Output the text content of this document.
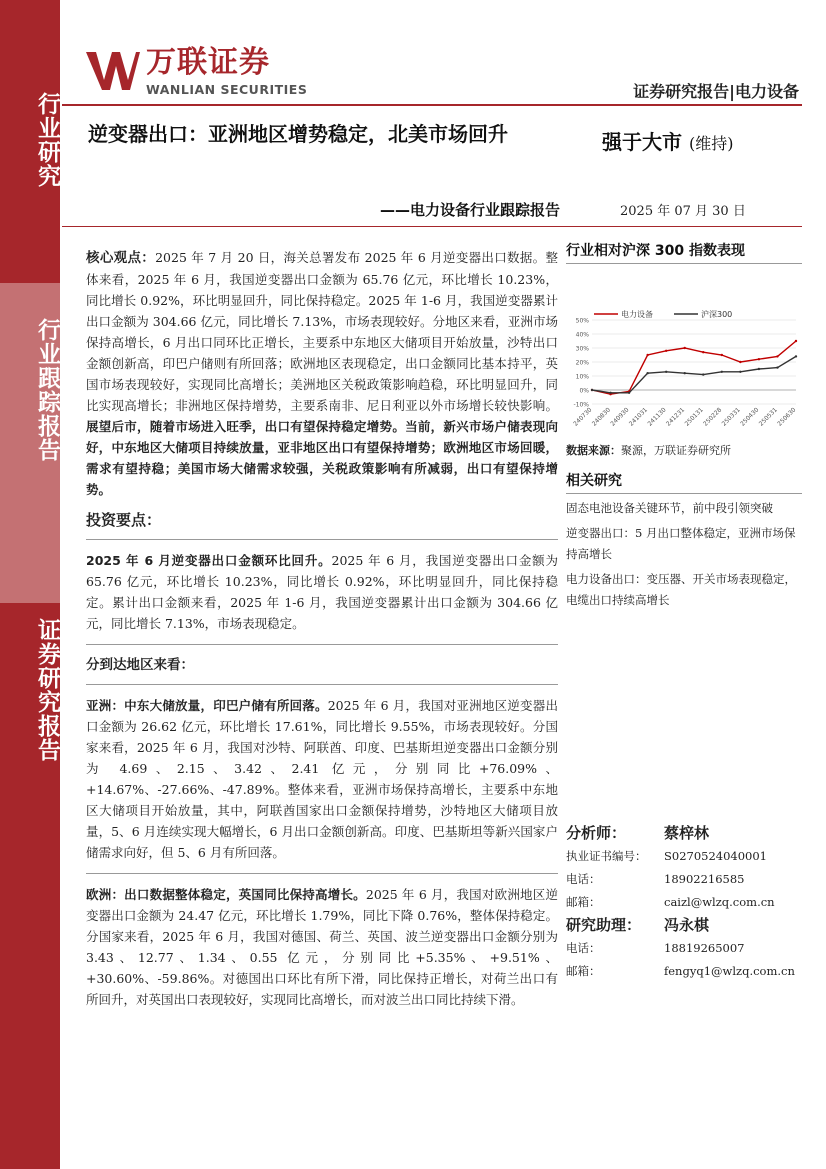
行业研究
行业跟踪报告
证券研究报告
万联证券
WANLIAN SECURITIES	证券研究报告|电力设备
逆变器出口：亚洲地区增势稳定，北美市场回升
——电力设备行业跟踪报告
强于大市 (维持)
2025 年 07 月 30 日

核心观点：2025 年 7 月 20 日，海关总署发布 2025 年 6 月逆变器出口数据。整体来看，2025 年 6 月，我国逆变器出口金额为 65.76 亿元，环比增长 10.23%，同比增长 0.92%，环比明显回升，同比保持稳定。2025 年 1-6 月，我国逆变器累计出口金额为 304.66 亿元，同比增长 7.13%，市场表现较好。分地区来看，亚洲市场保持高增长，6 月出口同环比正增长，主要系中东地区大储项目开始放量，沙特出口金额创新高，印巴户储则有所回落；欧洲地区表现稳定，出口金额同比基本持平，英国市场表现较好，实现同比高增长；美洲地区关税政策影响趋稳，环比明显回升，同比实现高增长；非洲地区保持增势，主要系南非、尼日利亚以外市场增长较快影响。展望后市，随着市场进入旺季，出口有望保持稳定增势。当前，新兴市场户储表现向好，中东地区大储项目持续放量，亚非地区出口有望保持增势；欧洲地区市场回暖，需求有望持稳；美国市场大储需求较强，关税政策影响有所减弱，出口有望保持增势。

投资要点：

2025 年 6 月逆变器出口金额环比回升。2025 年 6 月，我国逆变器出口金额为 65.76 亿元，环比增长 10.23%，同比增长 0.92%，环比明显回升，同比保持稳定。累计出口金额来看，2025 年 1-6 月，我国逆变器累计出口金额为 304.66 亿元，同比增长 7.13%，市场表现稳定。

分到达地区来看：

亚洲：中东大储放量，印巴户储有所回落。2025 年 6 月，我国对亚洲地区逆变器出口金额为 26.62 亿元，环比增长 17.61%，同比增长 9.55%，市场表现较好。分国家来看，2025 年 6 月，我国对沙特、阿联酋、印度、巴基斯坦逆变器出口金额分别为 4.69、2.15、3.42、2.41 亿元，分别同比+76.09%、+14.67%、-27.66%、-47.89%。整体来看，亚洲市场保持高增长，主要系中东地区大储项目开始放量，其中，阿联酋国家出口金额保持增势，沙特地区大储项目放量，5、6 月连续实现大幅增长，6 月出口金额创新高。印度、巴基斯坦等新兴国家户储需求向好，但 5、6 月有所回落。

欧洲：出口数据整体稳定，英国同比保持高增长。2025 年 6 月，我国对欧洲地区逆变器出口金额为 24.47 亿元，环比增长 1.79%，同比下降 0.76%，整体保持稳定。分国家来看，2025 年 6 月，我国对德国、荷兰、英国、波兰逆变器出口金额分别为 3.43、12.77、1.34、0.55 亿元，分别同比+5.35%、+9.51%、+30.60%、-59.86%。对德国出口环比有所下滑，同比保持正增长，对荷兰出口有所回升，对英国出口表现较好，实现同比高增长，而对波兰出口同比持续下滑。

行业相对沪深 300 指数表现
50%
40%
30%
20%
10%
0%
-10%
240730
240830
240930
241031
241130
241231
250131
250228
250331
250430
250531
250630
电力设备	沪深300
数据来源：聚源，万联证券研究所
相关研究
固态电池设备关键环节，前中段引领突破
逆变器出口：5 月出口整体稳定，亚洲市场保持高增长
电力设备出口：变压器、开关市场表现稳定，电缆出口持续高增长
分析师：	蔡梓林
执业证书编号：	S0270524040001
电话：	18902216585
邮箱：	caizl@wlzq.com.cn
研究助理：	冯永棋
电话：	18819265007
邮箱：	fengyq1@wlzq.com.cn
